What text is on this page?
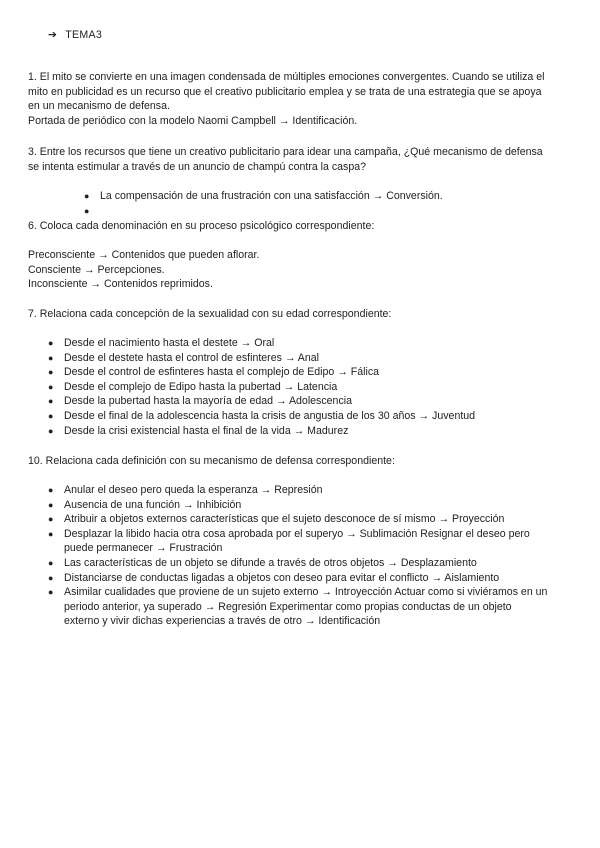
➔ TEMA3
1. El mito se convierte en una imagen condensada de múltiples emociones convergentes. Cuando se utiliza el
mito en publicidad es un recurso que el creativo publicitario emplea y se trata de una estrategia que se apoya
en un mecanismo de defensa.
Portada de periódico con la modelo Naomi Campbell → Identificación.
3. Entre los recursos que tiene un creativo publicitario para idear una campaña, ¿Qué mecanismo de defensa
se intenta estimular a través de un anuncio de champú contra la caspa?
● La compensación de una frustración con una satisfacción → Conversión.
●
6. Coloca cada denominación en su proceso psicológico correspondiente:
Preconsciente → Contenidos que pueden aflorar.
Consciente → Percepciones.
Inconsciente → Contenidos reprimidos.
7. Relaciona cada concepción de la sexualidad con su edad correspondiente:
● Desde el nacimiento hasta el destete → Oral
● Desde el destete hasta el control de esfinteres → Anal
● Desde el control de esfinteres hasta el complejo de Edipo → Fálica
● Desde el complejo de Edipo hasta la pubertad → Latencia
● Desde la pubertad hasta la mayoría de edad → Adolescencia
● Desde el final de la adolescencia hasta la crisis de angustia de los 30 años → Juventud
● Desde la crisi existencial hasta el final de la vida → Madurez
10. Relaciona cada definición con su mecanismo de defensa correspondiente:
● Anular el deseo pero queda la esperanza → Represión
● Ausencia de una función → Inhibición
● Atribuir a objetos externos características que el sujeto desconoce de sí mismo → Proyección
● Desplazar la libido hacia otra cosa aprobada por el superyo → Sublimación Resignar el deseo pero
puede permanecer → Frustración
● Las características de un objeto se difunde a través de otros objetos → Desplazamiento
● Distanciarse de conductas ligadas a objetos con deseo para evitar el conflicto → Aislamiento
● Asimilar cualidades que proviene de un sujeto externo → Introyección Actuar como si viviéramos en un
periodo anterior, ya superado → Regresión Experimentar como propias conductas de un objeto
externo y vivir dichas experiencias a través de otro → Identificación
